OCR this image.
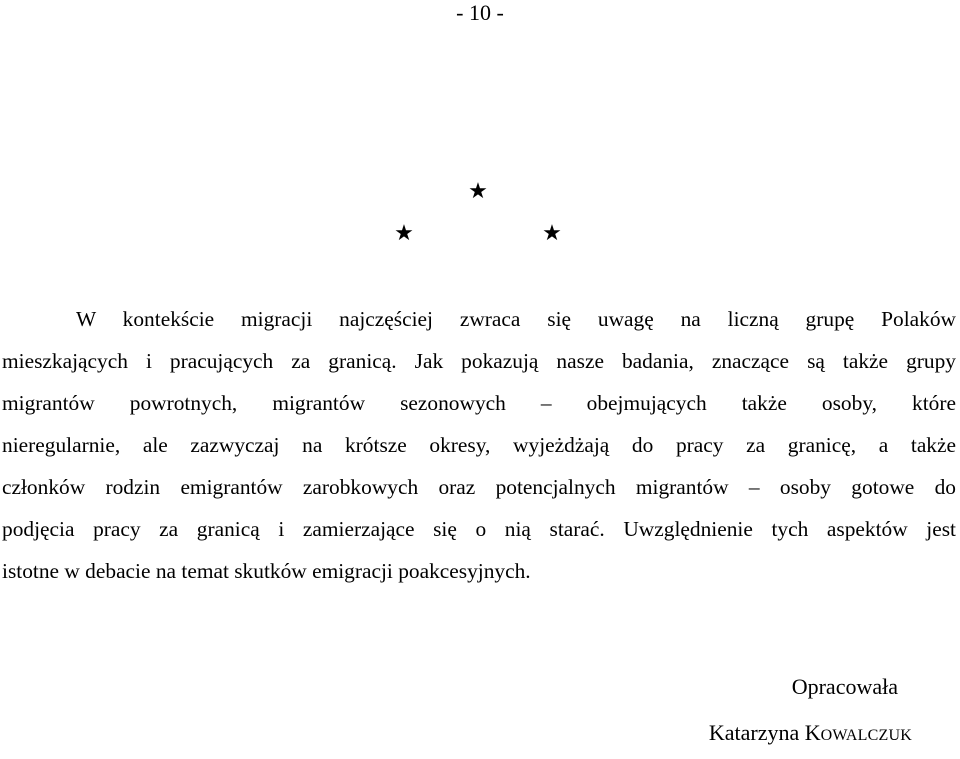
- 10 -
★
★	★
W kontekście migracji najczęściej zwraca się uwagę na liczną grupę Polaków
mieszkających i pracujących za granicą. Jak pokazują nasze badania, znaczące są także grupy
migrantów powrotnych, migrantów sezonowych – obejmujących także osoby, które
nieregularnie, ale zazwyczaj na krótsze okresy, wyjeżdżają do pracy za granicę, a także
członków rodzin emigrantów zarobkowych oraz potencjalnych migrantów – osoby gotowe do
podjęcia pracy za granicą i zamierzające się o nią starać. Uwzględnienie tych aspektów jest
istotne w debacie na temat skutków emigracji poakcesyjnych.
Opracowała
Katarzyna KOWALCZUK
